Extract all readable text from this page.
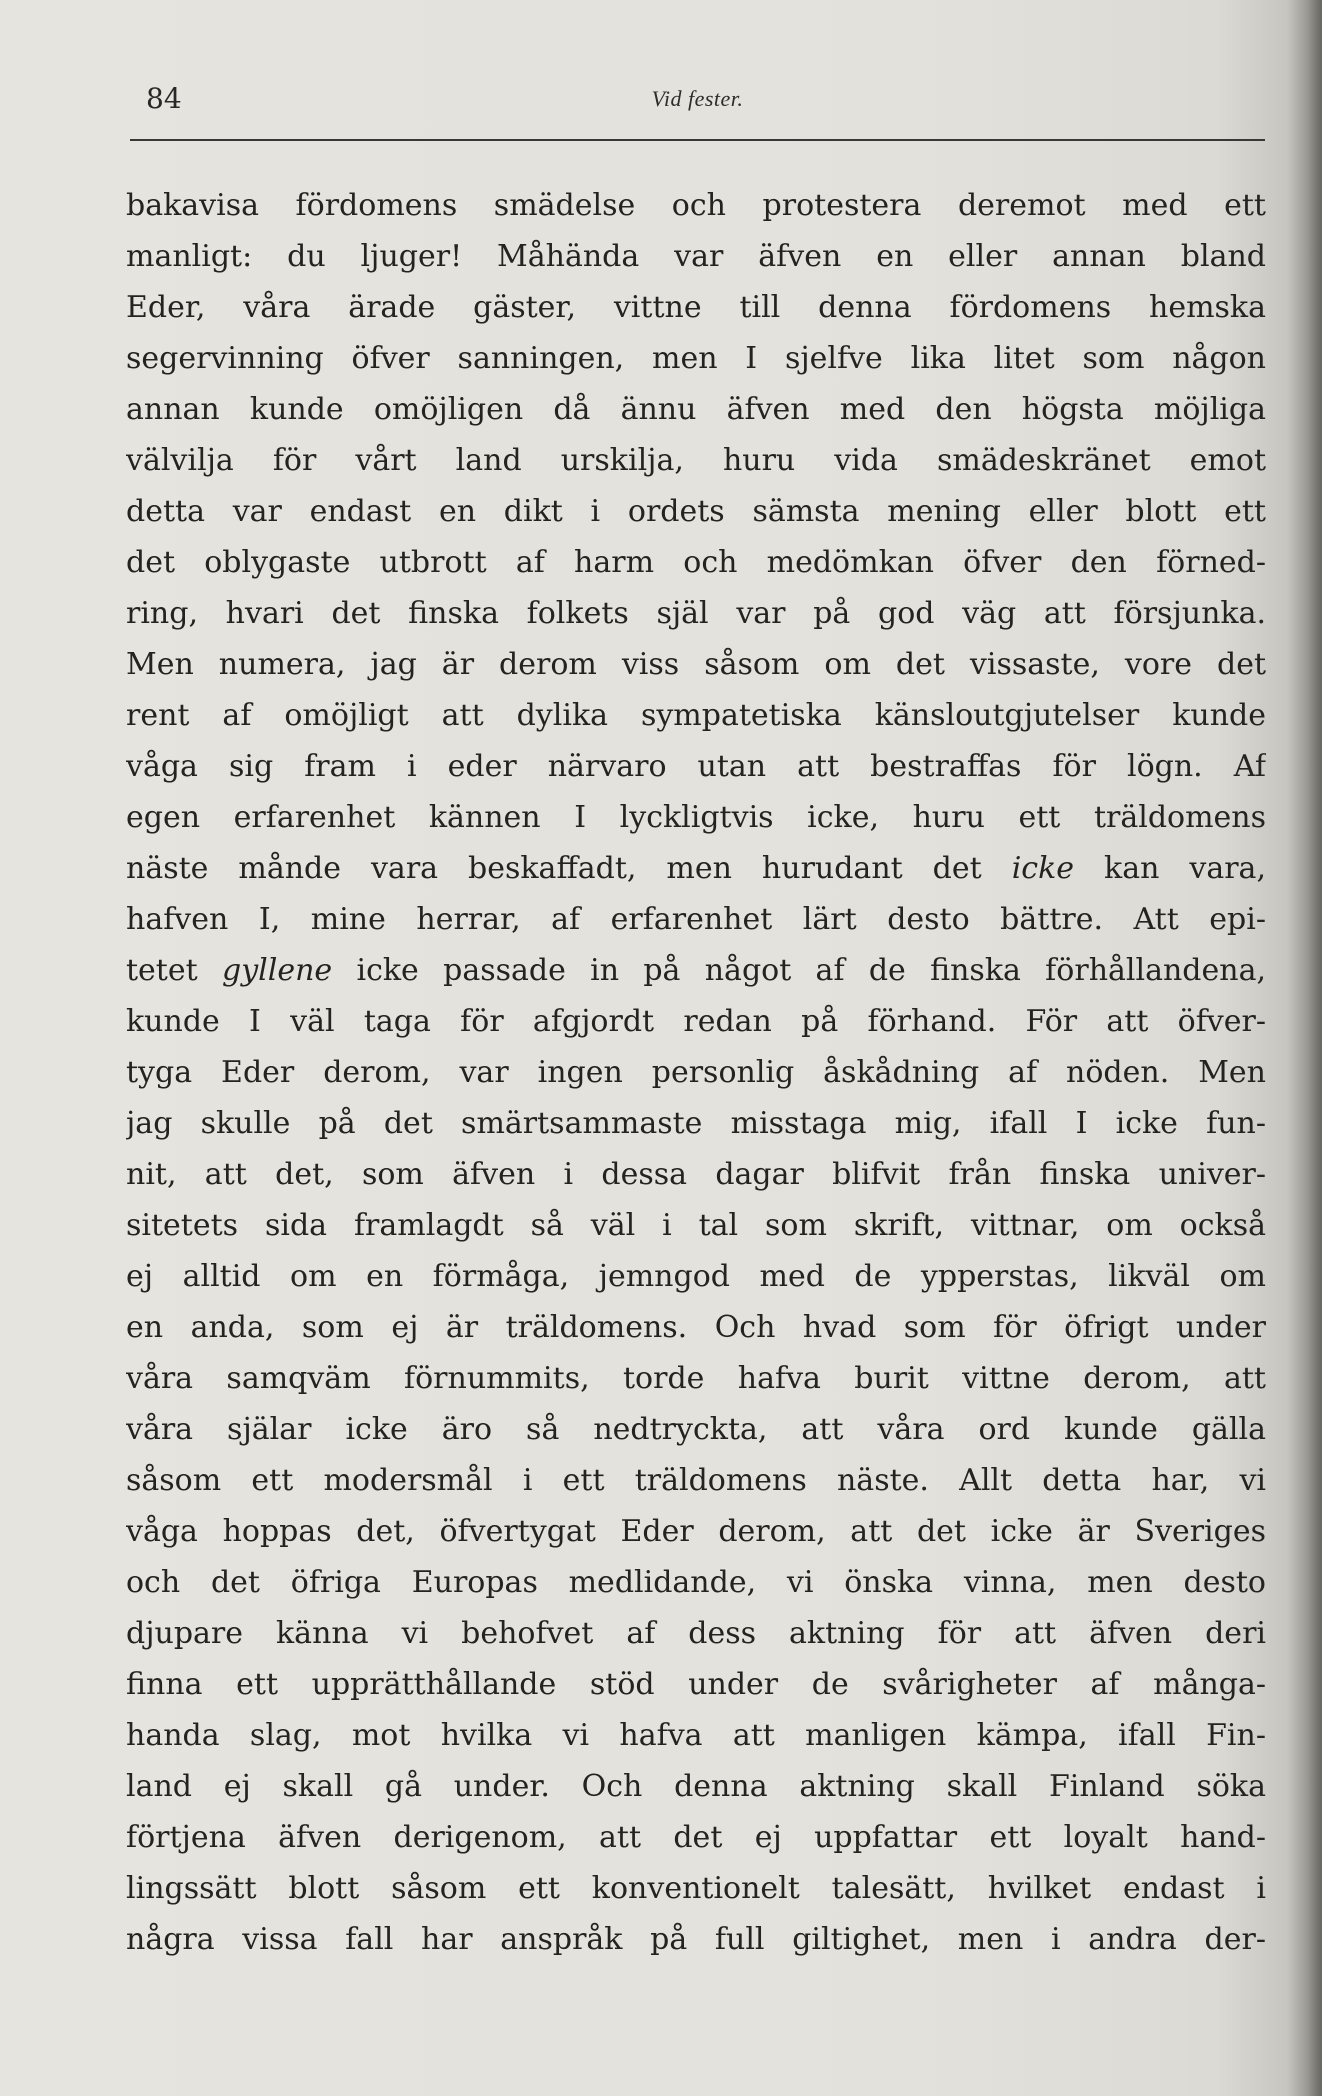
84	Vid fester.
bakavisa fördomens smädelse och protestera deremot med ett
manligt: du ljuger! Måhända var äfven en eller annan bland
Eder, våra ärade gäster, vittne till denna fördomens hemska
segervinning öfver sanningen, men I sjelfve lika litet som någon
annan kunde omöjligen då ännu äfven med den högsta möjliga
välvilja för vårt land urskilja, huru vida smädeskränet emot
detta var endast en dikt i ordets sämsta mening eller blott ett
det oblygaste utbrott af harm och medömkan öfver den förned-
ring, hvari det finska folkets själ var på god väg att försjunka.
Men numera, jag är derom viss såsom om det vissaste, vore det
rent af omöjligt att dylika sympatetiska känsloutgjutelser kunde
våga sig fram i eder närvaro utan att bestraffas för lögn. Af
egen erfarenhet kännen I lyckligtvis icke, huru ett träldomens
näste månde vara beskaffadt, men hurudant det icke kan vara,
hafven I, mine herrar, af erfarenhet lärt desto bättre. Att epi-
tetet gyllene icke passade in på något af de finska förhållandena,
kunde I väl taga för afgjordt redan på förhand. För att öfver-
tyga Eder derom, var ingen personlig åskådning af nöden. Men
jag skulle på det smärtsammaste misstaga mig, ifall I icke fun-
nit, att det, som äfven i dessa dagar blifvit från finska univer-
sitetets sida framlagdt så väl i tal som skrift, vittnar, om också
ej alltid om en förmåga, jemngod med de ypperstas, likväl om
en anda, som ej är träldomens. Och hvad som för öfrigt under
våra samqväm förnummits, torde hafva burit vittne derom, att
våra själar icke äro så nedtryckta, att våra ord kunde gälla
såsom ett modersmål i ett träldomens näste. Allt detta har, vi
våga hoppas det, öfvertygat Eder derom, att det icke är Sveriges
och det öfriga Europas medlidande, vi önska vinna, men desto
djupare känna vi behofvet af dess aktning för att äfven deri
finna ett upprätthållande stöd under de svårigheter af många-
handa slag, mot hvilka vi hafva att manligen kämpa, ifall Fin-
land ej skall gå under. Och denna aktning skall Finland söka
förtjena äfven derigenom, att det ej uppfattar ett loyalt hand-
lingssätt blott såsom ett konventionelt talesätt, hvilket endast i
några vissa fall har anspråk på full giltighet, men i andra der-
